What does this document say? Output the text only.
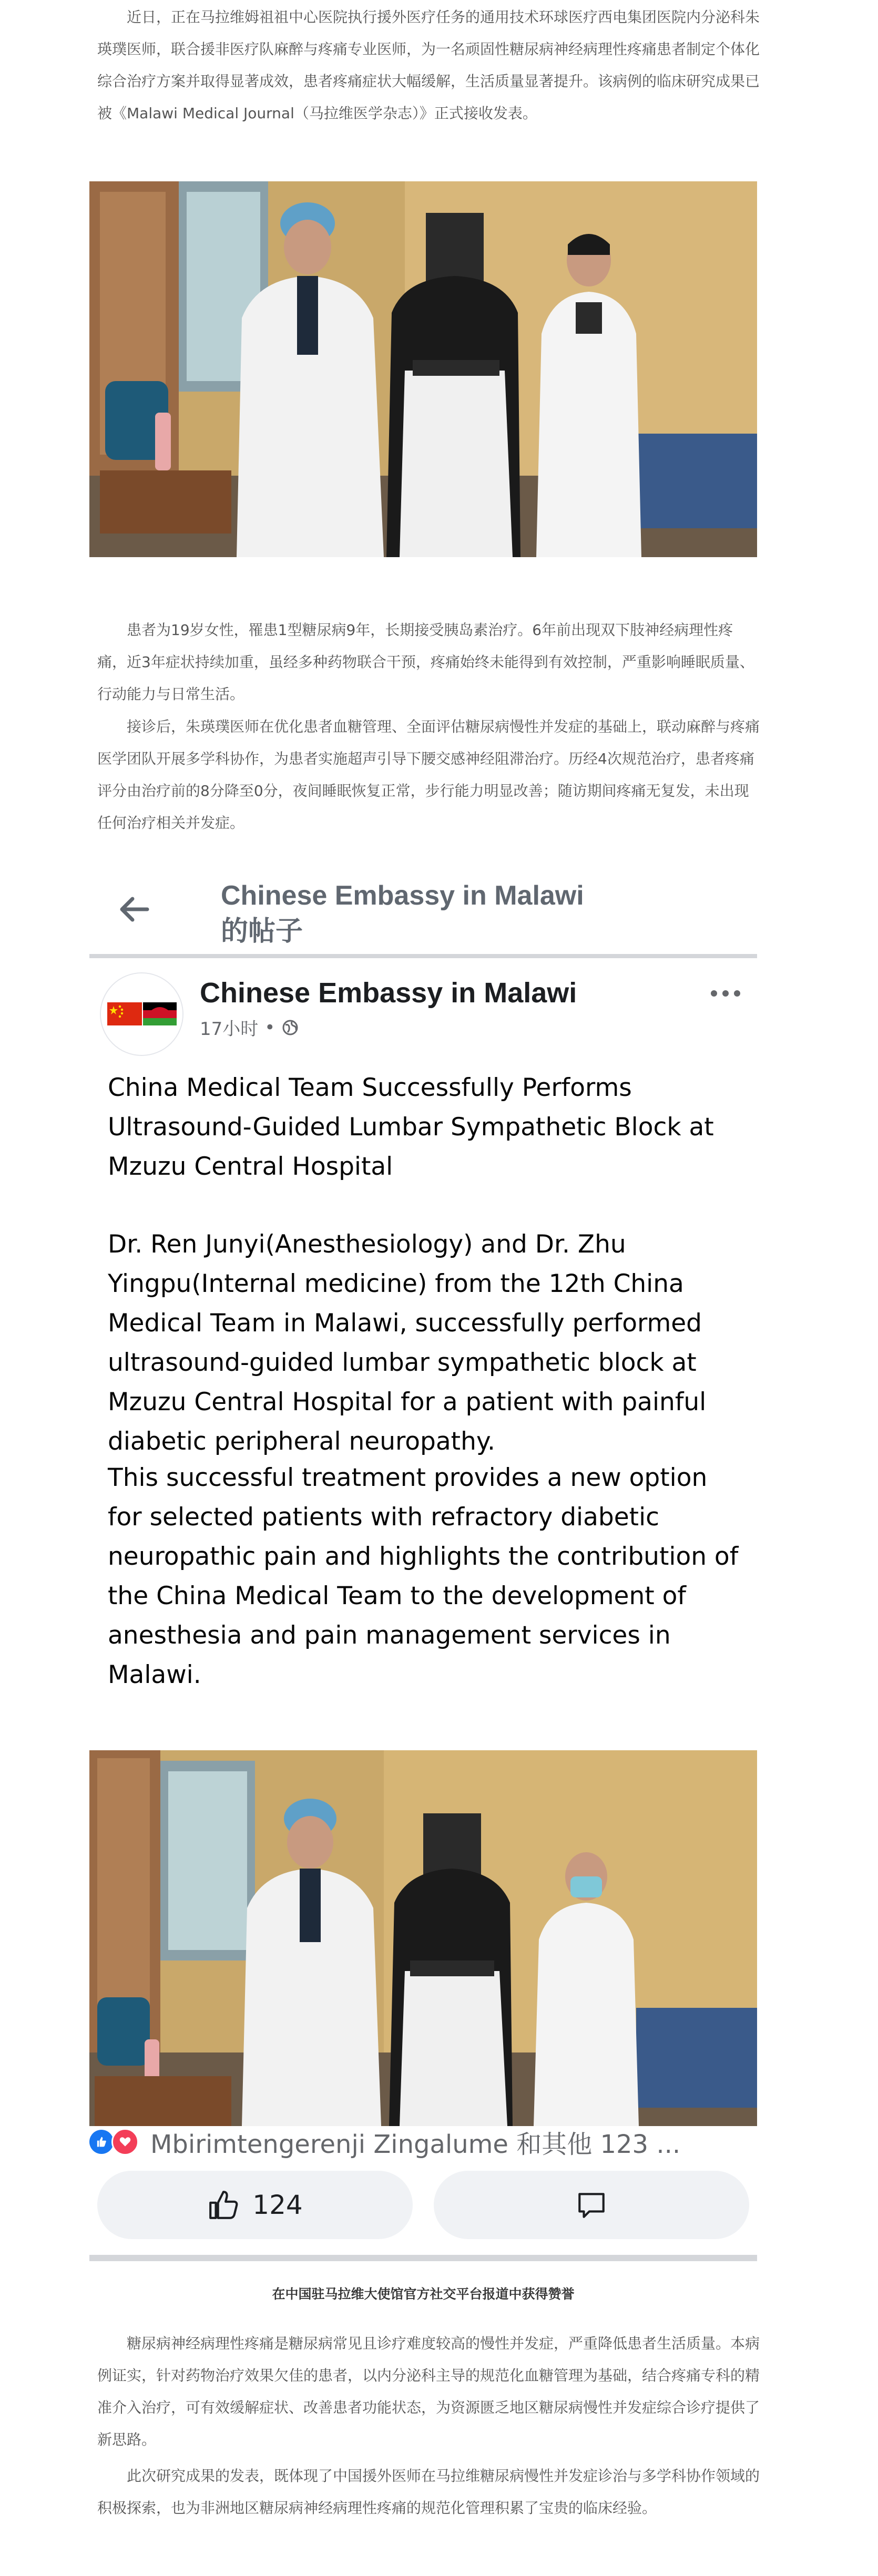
近日，正在马拉维姆祖祖中心医院执行援外医疗任务的通用技术环球医疗西电集团医院内分泌科朱瑛璞医师，联合援非医疗队麻醉与疼痛专业医师，为一名顽固性糖尿病神经病理性疼痛患者制定个体化综合治疗方案并取得显著成效，患者疼痛症状大幅缓解，生活质量显著提升。该病例的临床研究成果已被《Malawi Medical Journal（马拉维医学杂志）》正式接收发表。

患者为19岁女性，罹患1型糖尿病9年，长期接受胰岛素治疗。6年前出现双下肢神经病理性疼痛，近3年症状持续加重，虽经多种药物联合干预，疼痛始终未能得到有效控制，严重影响睡眠质量、行动能力与日常生活。

接诊后，朱瑛璞医师在优化患者血糖管理、全面评估糖尿病慢性并发症的基础上，联动麻醉与疼痛医学团队开展多学科协作，为患者实施超声引导下腰交感神经阻滞治疗。历经4次规范治疗，患者疼痛评分由治疗前的8分降至0分，夜间睡眠恢复正常，步行能力明显改善；随访期间疼痛无复发，未出现任何治疗相关并发症。

Chinese Embassy in Malawi
的帖子
Chinese Embassy in Malawi
17小时 •

China Medical Team Successfully Performs Ultrasound-Guided Lumbar Sympathetic Block at Mzuzu Central Hospital

Dr. Ren Junyi(Anesthesiology) and Dr. Zhu Yingpu(Internal medicine) from the 12th China Medical Team in Malawi, successfully performed ultrasound-guided lumbar sympathetic block at Mzuzu Central Hospital for a patient with painful diabetic peripheral neuropathy.

This successful treatment provides a new option for selected patients with refractory diabetic neuropathic pain and highlights the contribution of the China Medical Team to the development of anesthesia and pain management services in Malawi.

Mbirimtengerenji Zingalume 和其他 123 ...
124
在中国驻马拉维大使馆官方社交平台报道中获得赞誉

糖尿病神经病理性疼痛是糖尿病常见且诊疗难度较高的慢性并发症，严重降低患者生活质量。本病例证实，针对药物治疗效果欠佳的患者，以内分泌科主导的规范化血糖管理为基础，结合疼痛专科的精准介入治疗，可有效缓解症状、改善患者功能状态，为资源匮乏地区糖尿病慢性并发症综合诊疗提供了新思路。

此次研究成果的发表，既体现了中国援外医师在马拉维糖尿病慢性并发症诊治与多学科协作领域的积极探索，也为非洲地区糖尿病神经病理性疼痛的规范化管理积累了宝贵的临床经验。
